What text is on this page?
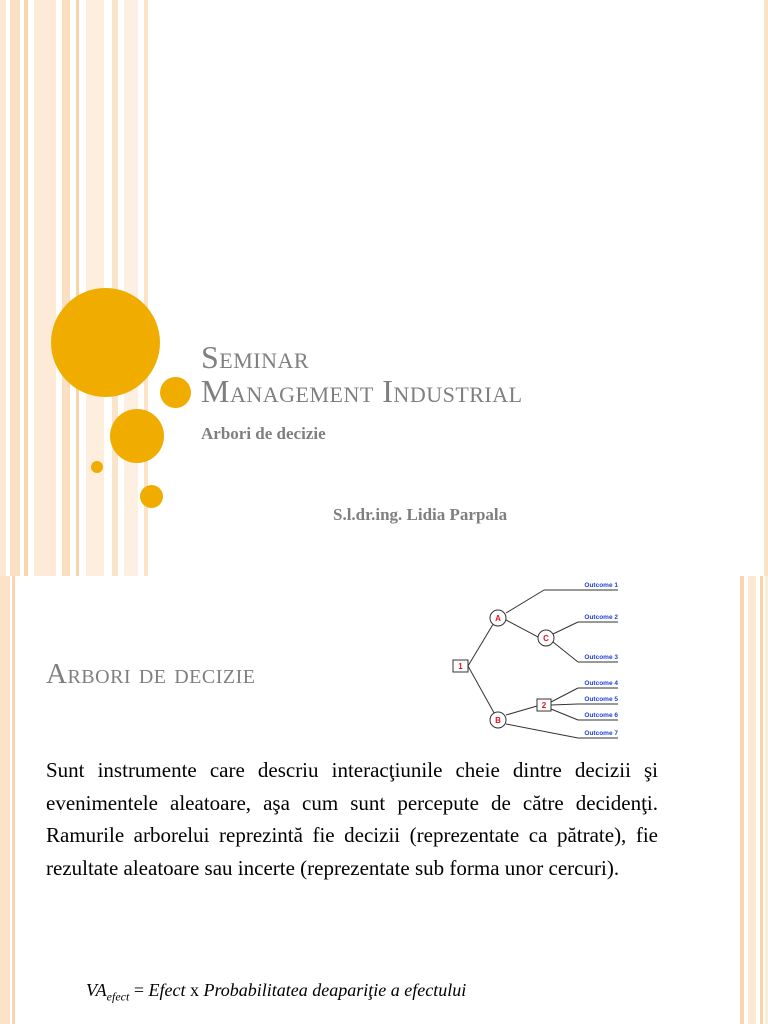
Seminar
Management Industrial

Arbori de decizie

S.l.dr.ing. Lidia Parpala
Arbori de decizie	1
A
B
C
2
Outcome 1
Outcome 2
Outcome 3
Outcome 4
Outcome 5
Outcome 6
Outcome 7

Sunt instrumente care descriu interacţiunile cheie dintre decizii şi evenimentele aleatoare, aşa cum sunt percepute de către decidenţi. Ramurile arborelui reprezintă fie decizii (reprezentate ca pătrate), fie rezultate aleatoare sau incerte (reprezentate sub forma unor cercuri).

$VA_{efect}$ = Efect x Probabilitatea deapariţie a efectului
